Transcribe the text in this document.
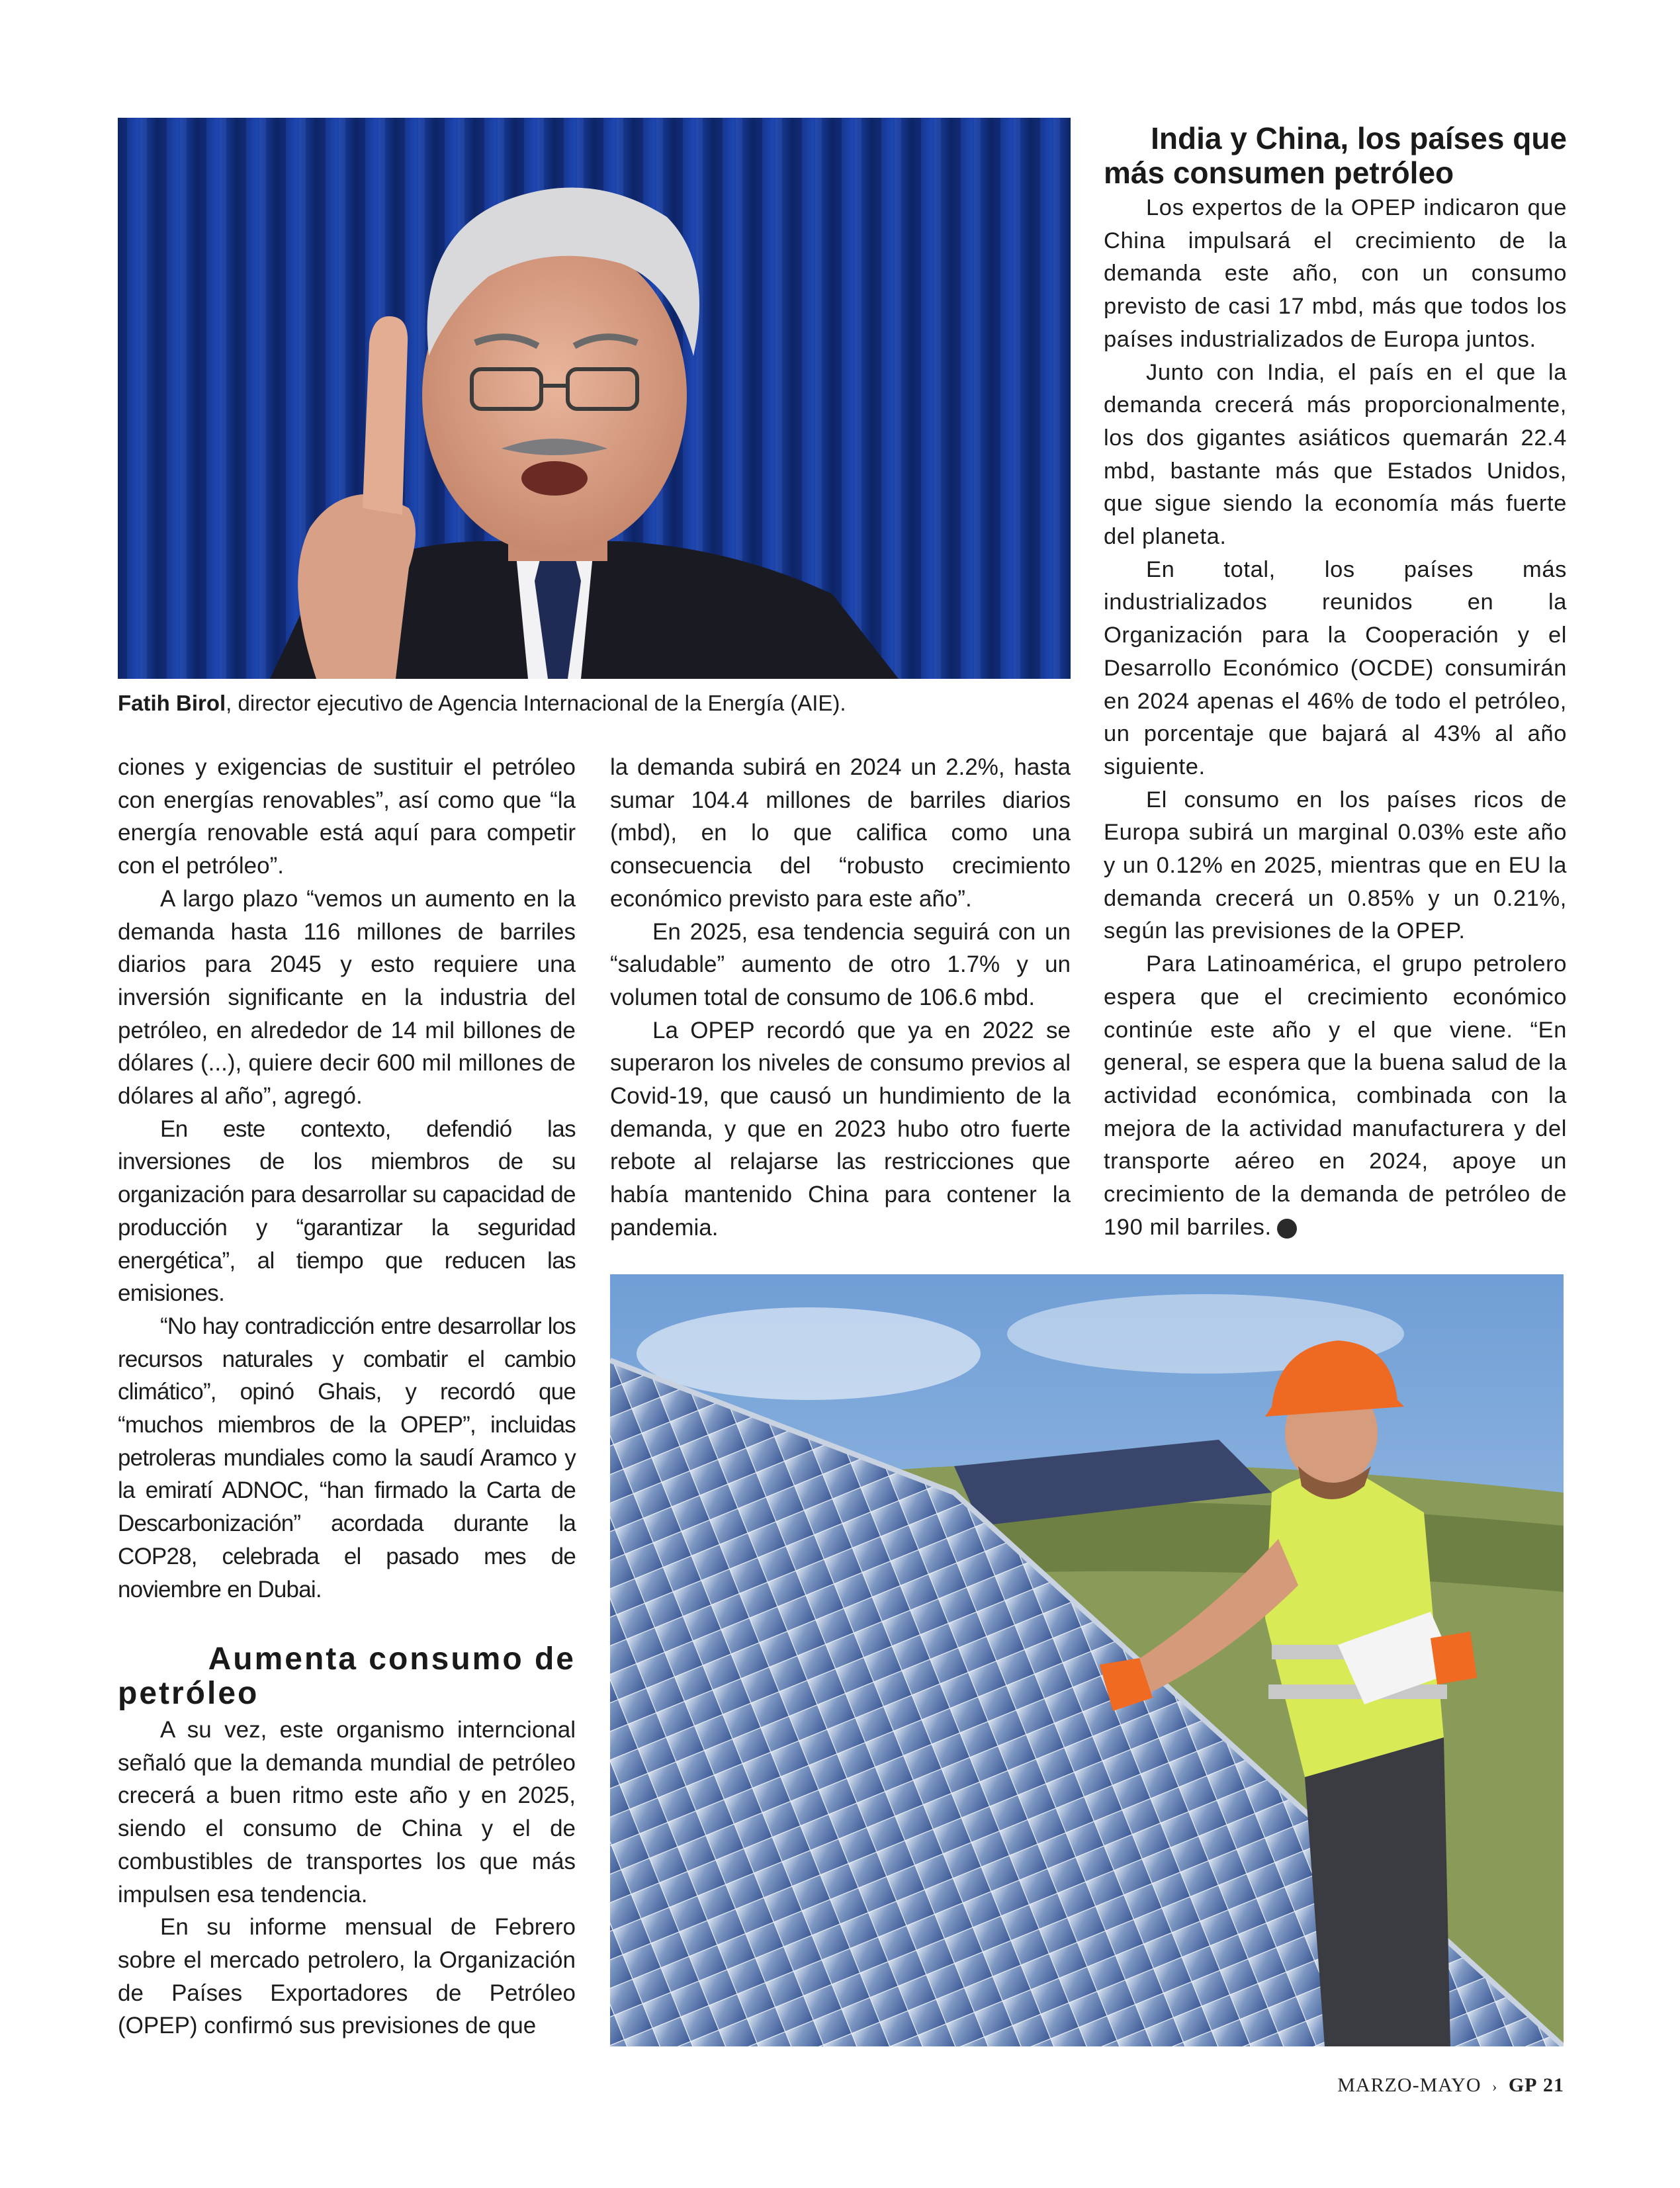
Fatih Birol, director ejecutivo de Agencia Internacional de la Energía (AIE).
India y China, los países que
más consumen petróleo

Los expertos de la OPEP indicaron que China impulsará el crecimiento de la demanda este año, con un consumo previsto de casi 17 mbd, más que todos los países industrializados de Europa juntos.

Junto con India, el país en el que la demanda crecerá más proporcionalmente, los dos gigantes asiáticos quemarán 22.4 mbd, bastante más que Estados Unidos, que sigue siendo la economía más fuerte del planeta.

En total, los países más industrializados reunidos en la Organización para la Cooperación y el Desarrollo Económico (OCDE) consumirán en 2024 apenas el 46% de todo el petróleo, un porcentaje que bajará al 43% al año siguiente.

El consumo en los países ricos de Europa subirá un marginal 0.03% este año y un 0.12% en 2025, mientras que en EU la demanda crecerá un 0.85% y un 0.21%, según las previsiones de la OPEP.

Para Latinoamérica, el grupo petrolero espera que el crecimiento económico continúe este año y el que viene. “En general, se espera que la buena salud de la actividad económica, combinada con la mejora de la actividad manufacturera y del transporte aéreo en 2024, apoye un crecimiento de la demanda de petróleo de 190 mil barriles.	GP

ciones y exigencias de sustituir el petróleo con energías renovables”, así como que “la energía renovable está aquí para competir con el petróleo”.

A largo plazo “vemos un aumento en la demanda hasta 116 millones de barriles diarios para 2045 y esto requiere una inversión significante en la industria del petróleo, en alrededor de 14 mil billones de dólares (...), quiere decir 600 mil millones de dólares al año”, agregó.

En este contexto, defendió las inversiones de los miembros de su organización para desarrollar su capacidad de producción y “garantizar la seguridad energética”, al tiempo que reducen las emisiones.

“No hay contradicción entre desarrollar los recursos naturales y combatir el cambio climático”, opinó Ghais, y recordó que “muchos miembros de la OPEP”, incluidas petroleras mundiales como la saudí Aramco y la emiratí ADNOC, “han firmado la Carta de Descarbonización” acordada durante la COP28, celebrada el pasado mes de noviembre en Dubai.

Aumenta consumo de
petróleo

A su vez, este organismo interncional señaló que la demanda mundial de petróleo crecerá a buen ritmo este año y en 2025, siendo el consumo de China y el de combustibles de transportes los que más impulsen esa tendencia.

En su informe mensual de Febrero sobre el mercado petrolero, la Organización de Países Exportadores de Petróleo (OPEP) confirmó sus previsiones de que

la demanda subirá en 2024 un 2.2%, hasta sumar 104.4 millones de barriles diarios (mbd), en lo que califica como una consecuencia del “robusto crecimiento económico previsto para este año”.

En 2025, esa tendencia seguirá con un “saludable” aumento de otro 1.7% y un volumen total de consumo de 106.6 mbd.

La OPEP recordó que ya en 2022 se superaron los niveles de consumo previos al Covid-19, que causó un hundimiento de la demanda, y que en 2023 hubo otro fuerte rebote al relajarse las restricciones que había mantenido China para contener la pandemia.

MARZO-MAYO › GP 21
